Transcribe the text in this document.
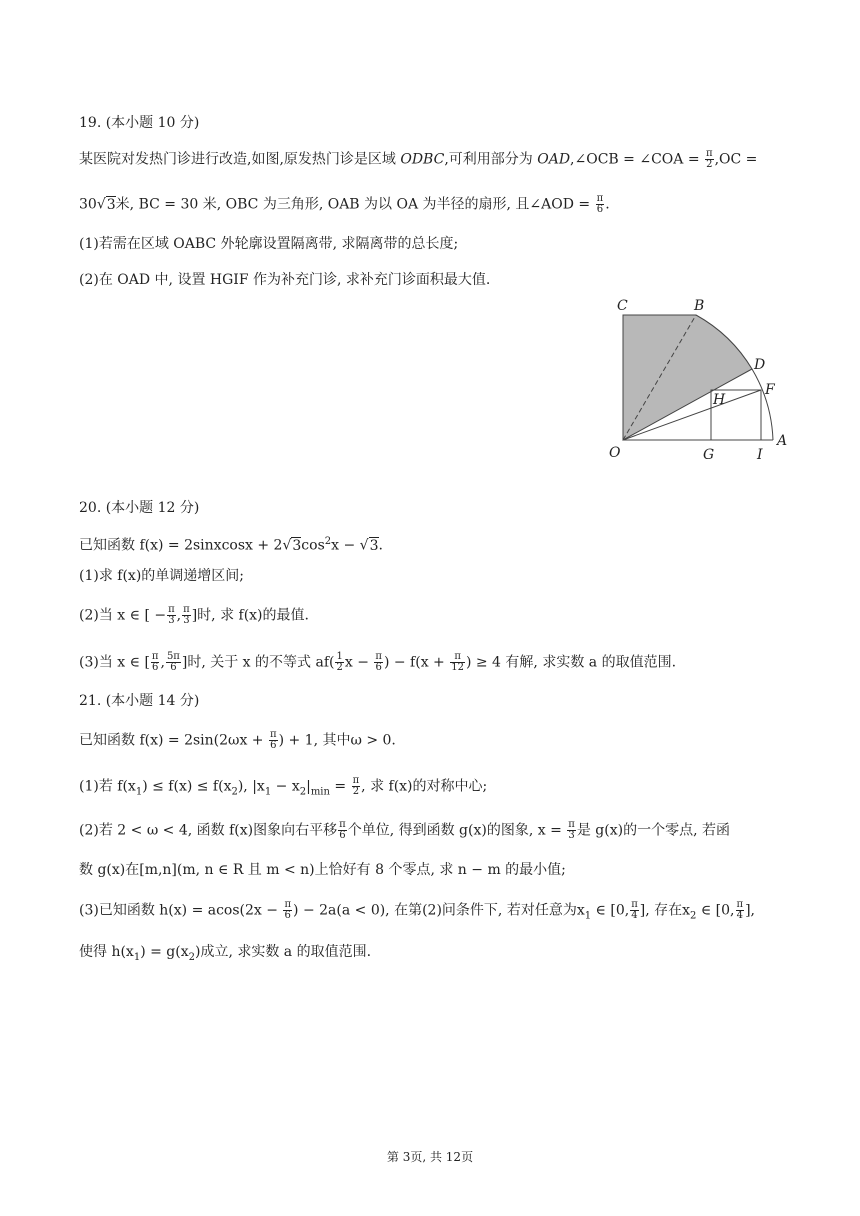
19. (本小题 10 分)
某医院对发热门诊进行改造,如图,原发热门诊是区域 ODBC,可利用部分为 OAD,∠OCB = ∠COA = $\frac{\pi}{2} ,OC$ =
30√3米, BC = 30 米, OBC 为三角形, OAB 为以 OA 为半径的扇形, 且∠AOD = $\frac{\pi}{6}$ .
(1)若需在区域 OABC 外轮廓设置隔离带, 求隔离带的总长度;
(2)在 OAD 中, 设置 HGIF 作为补充门诊, 求补充门诊面积最大值.
C	B
D
F
H
O	G	I
A
20. (本小题 12 分)
已知函数 f(x) = 2sinxcosx + $2√3\cos^2x - √3$.
(1)求 f(x)的单调递增区间;
(2)当 x ∈ [ − $\frac{\pi}{3}$ , $\frac{\pi}{3}$ ]时, 求 f(x)的最值.
(3)当 x ∈ [ $\frac{\pi}{6}$ , $\frac{5\pi}{6}$ ]时, 关于 x 的不等式 $af( \frac{1}{2}$ $x - \frac{\pi}{6}$ ) − $f(x + \frac{\pi}{12}$ ) ≥ 4 有解, 求实数 a 的取值范围.
21. (本小题 14 分)
已知函数 $f(x) = 2\sin(2\omega x + \frac{\pi}{6}$ ) + 1, 其中ω > 0.
(1)若 $f(x_1) \le f(x) \le f(x_2)$, $|x_1 - x_2|_{min} = \frac{\pi}{2}$ , 求 f(x)的对称中心;
(2)若 2 < ω < 4, 函数 f(x)图象向右平移 $\frac{\pi}{6}$ 个单位, 得到函数 g(x)的图象, $x = \frac{\pi}{3}$ 是 g(x)的一个零点, 若函
数 g(x)在[m,n](m, n ∈ R 且 m < n)上恰好有 8 个零点, 求 n − m 的最小值;
(3)已知函数 $h(x) = acos(2x - \frac{\pi}{6}$ ) − 2a(a < 0), 在第(2)问条件下, 若对任意为$x_1$ ∈ [0, $\frac{\pi}{4}$ ], 存在$x_2$ ∈ [0, $\frac{\pi}{4}$ ],
使得 $h(x_1) = g(x_2)$成立, 求实数 a 的取值范围.
第 3页, 共 12页
